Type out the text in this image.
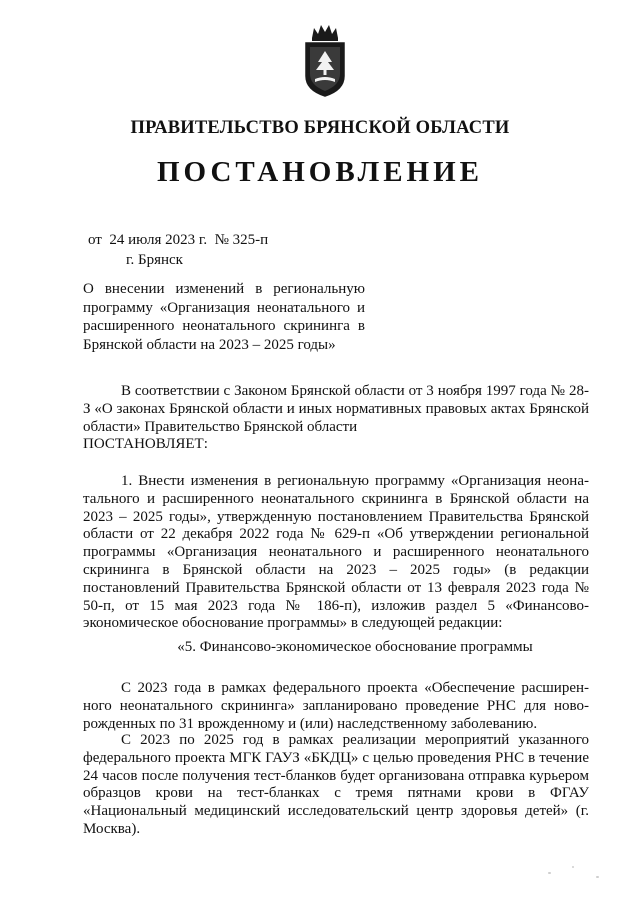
ПРАВИТЕЛЬСТВО БРЯНСКОЙ ОБЛАСТИ
ПОСТАНОВЛЕНИЕ
от  24 июля 2023 г.  № 325-п
г. Брянск
О внесении изменений в региональную программу «Организация неонатального и расширенного неонатального скрининга в Брянской области на 2023 – 2025 годы»

В соответствии с Законом Брянской области от 3 ноября 1997 года № 28-З «О законах Брянской области и иных нормативных правовых актах Брянской области» Правительство Брянской области

ПОСТАНОВЛЯЕТ:

1. Внести изменения в региональную программу «Организация неона-тального и расширенного неонатального скрининга в Брянской области на 2023 – 2025 годы», утвержденную постановлением Правительства Брянской области от 22 декабря 2022 года № 629-п «Об утверждении региональной программы «Организация неонатального и расширенного неонатального скрининга в Брянской области на 2023 – 2025 годы» (в редакции постановлений Правительства Брянской области от 13 февраля 2023 года № 50-п, от 15 мая 2023 года № 186-п), изложив раздел 5 «Финансово-экономическое обоснование программы» в следующей редакции:

«5. Финансово-экономическое обоснование программы

С 2023 года в рамках федерального проекта «Обеспечение расширен-ного неонатального скрининга» запланировано проведение РНС для ново-рожденных по 31 врожденному и (или) наследственному заболеванию.

С 2023 по 2025 год в рамках реализации мероприятий указанного федерального проекта МГК ГАУЗ «БКДЦ» с целью проведения РНС в течение 24 часов после получения тест-бланков будет организована отправка курьером образцов крови на тест-бланках с тремя пятнами крови в ФГАУ «Национальный медицинский исследовательский центр здоровья детей» (г. Москва).
